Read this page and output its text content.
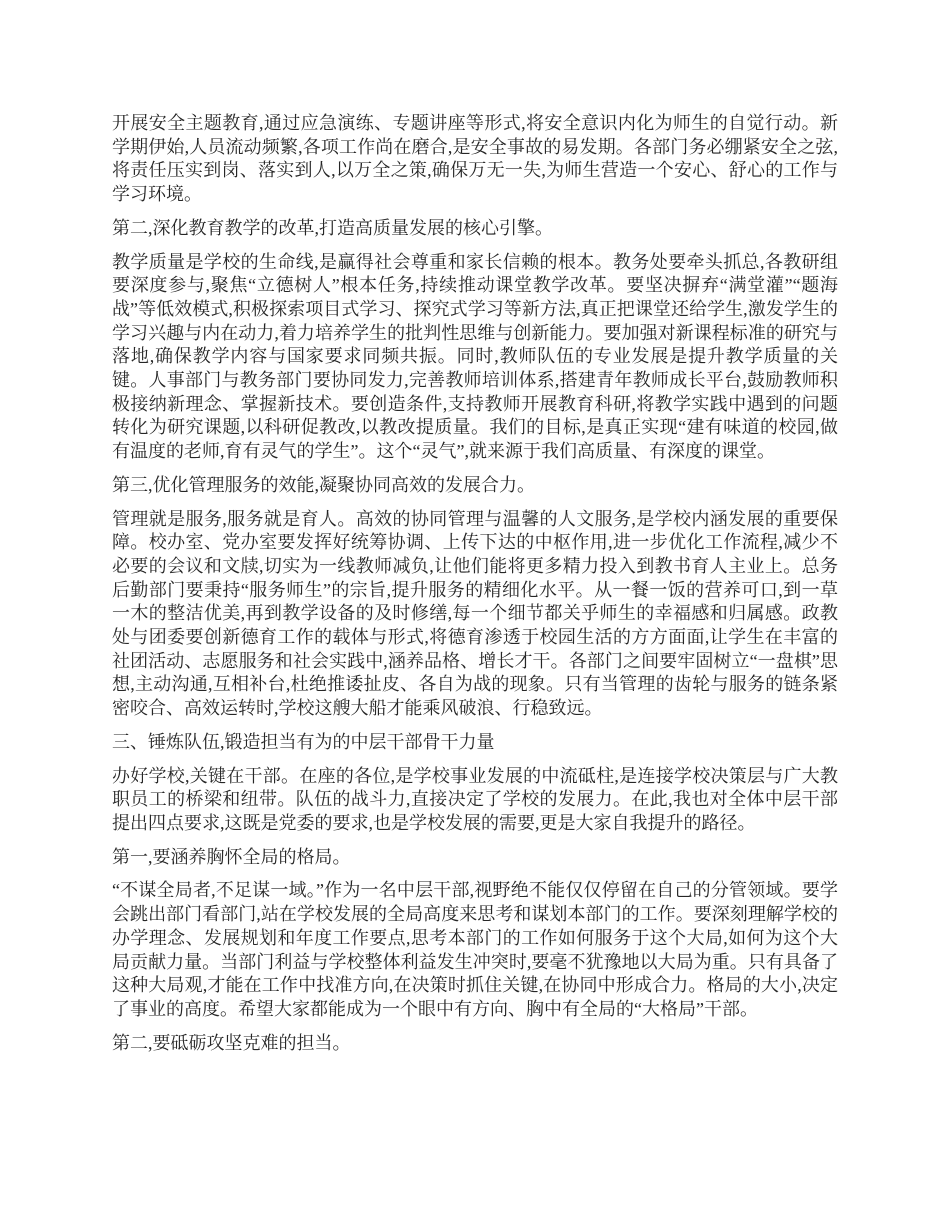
开展安全主题教育,通过应急演练、专题讲座等形式,将安全意识内化为师生的自觉行动。新学期伊始,人员流动频繁,各项工作尚在磨合,是安全事故的易发期。各部门务必绷紧安全之弦,将责任压实到岗、落实到人,以万全之策,确保万无一失,为师生营造一个安心、舒心的工作与学习环境。

第二,深化教育教学的改革,打造高质量发展的核心引擎。

教学质量是学校的生命线,是赢得社会尊重和家长信赖的根本。教务处要牵头抓总,各教研组要深度参与,聚焦“立德树人”根本任务,持续推动课堂教学改革。要坚决摒弃“满堂灌”“题海战”等低效模式,积极探索项目式学习、探究式学习等新方法,真正把课堂还给学生,激发学生的学习兴趣与内在动力,着力培养学生的批判性思维与创新能力。要加强对新课程标准的研究与落地,确保教学内容与国家要求同频共振。同时,教师队伍的专业发展是提升教学质量的关键。人事部门与教务部门要协同发力,完善教师培训体系,搭建青年教师成长平台,鼓励教师积极接纳新理念、掌握新技术。要创造条件,支持教师开展教育科研,将教学实践中遇到的问题转化为研究课题,以科研促教改,以教改提质量。我们的目标,是真正实现“建有味道的校园,做有温度的老师,育有灵气的学生”。这个“灵气”,就来源于我们高质量、有深度的课堂。

第三,优化管理服务的效能,凝聚协同高效的发展合力。

管理就是服务,服务就是育人。高效的协同管理与温馨的人文服务,是学校内涵发展的重要保障。校办室、党办室要发挥好统筹协调、上传下达的中枢作用,进一步优化工作流程,减少不必要的会议和文牍,切实为一线教师减负,让他们能将更多精力投入到教书育人主业上。总务后勤部门要秉持“服务师生”的宗旨,提升服务的精细化水平。从一餐一饭的营养可口,到一草一木的整洁优美,再到教学设备的及时修缮,每一个细节都关乎师生的幸福感和归属感。政教处与团委要创新德育工作的载体与形式,将德育渗透于校园生活的方方面面,让学生在丰富的社团活动、志愿服务和社会实践中,涵养品格、增长才干。各部门之间要牢固树立“一盘棋”思想,主动沟通,互相补台,杜绝推诿扯皮、各自为战的现象。只有当管理的齿轮与服务的链条紧密咬合、高效运转时,学校这艘大船才能乘风破浪、行稳致远。

三、锤炼队伍,锻造担当有为的中层干部骨干力量

办好学校,关键在干部。在座的各位,是学校事业发展的中流砥柱,是连接学校决策层与广大教职员工的桥梁和纽带。队伍的战斗力,直接决定了学校的发展力。在此,我也对全体中层干部提出四点要求,这既是党委的要求,也是学校发展的需要,更是大家自我提升的路径。

第一,要涵养胸怀全局的格局。

“不谋全局者,不足谋一域。”作为一名中层干部,视野绝不能仅仅停留在自己的分管领域。要学会跳出部门看部门,站在学校发展的全局高度来思考和谋划本部门的工作。要深刻理解学校的办学理念、发展规划和年度工作要点,思考本部门的工作如何服务于这个大局,如何为这个大局贡献力量。当部门利益与学校整体利益发生冲突时,要毫不犹豫地以大局为重。只有具备了这种大局观,才能在工作中找准方向,在决策时抓住关键,在协同中形成合力。格局的大小,决定了事业的高度。希望大家都能成为一个眼中有方向、胸中有全局的“大格局”干部。

第二,要砥砺攻坚克难的担当。
